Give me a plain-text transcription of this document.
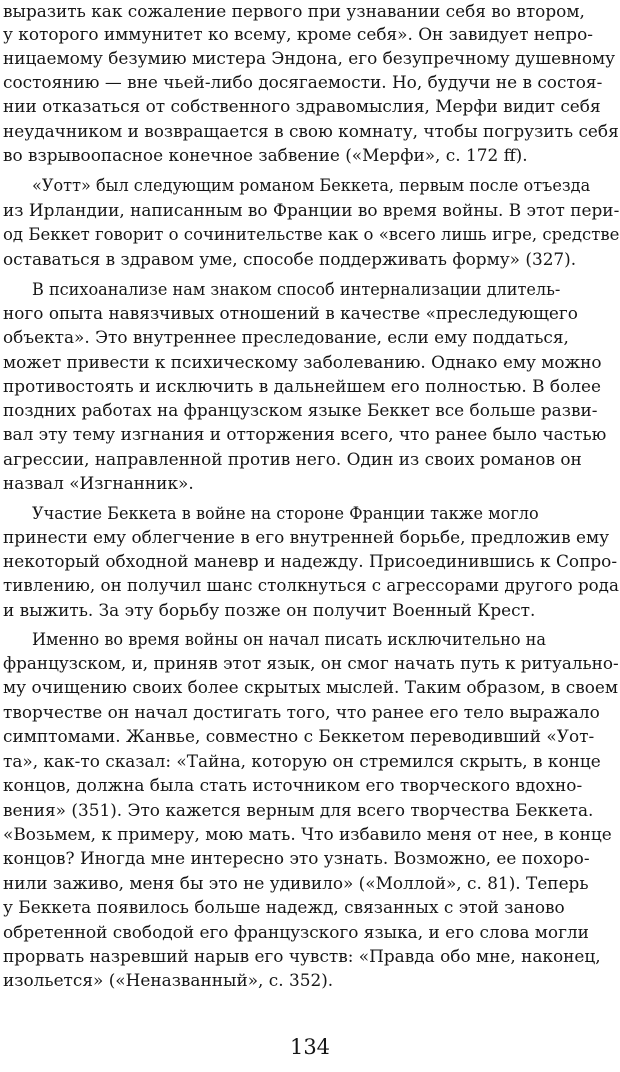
выразить как сожаление первого при узнавании себя во втором,
у которого иммунитет ко всему, кроме себя». Он завидует непро-
ницаемому безумию мистера Эндона, его безупречному душевному
состоянию — вне чьей-либо досягаемости. Но, будучи не в состоя-
нии отказаться от собственного здравомыслия, Мерфи видит себя
неудачником и возвращается в свою комнату, чтобы погрузить себя
во взрывоопасное конечное забвение («Мерфи», с. 172 ff).
«Уотт» был следующим романом Беккета, первым после отъезда
из Ирландии, написанным во Франции во время войны. В этот пери-
од Беккет говорит о сочинительстве как о «всего лишь игре, средстве
оставаться в здравом уме, способе поддерживать форму» (327).
В психоанализе нам знаком способ интернализации длитель-
ного опыта навязчивых отношений в качестве «преследующего
объекта». Это внутреннее преследование, если ему поддаться,
может привести к психическому заболеванию. Однако ему можно
противостоять и исключить в дальнейшем его полностью. В более
поздних работах на французском языке Беккет все больше разви-
вал эту тему изгнания и отторжения всего, что ранее было частью
агрессии, направленной против него. Один из своих романов он
назвал «Изгнанник».
Участие Беккета в войне на стороне Франции также могло
принести ему облегчение в его внутренней борьбе, предложив ему
некоторый обходной маневр и надежду. Присоединившись к Сопро-
тивлению, он получил шанс столкнуться с агрессорами другого рода
и выжить. За эту борьбу позже он получит Военный Крест.
Именно во время войны он начал писать исключительно на
французском, и, приняв этот язык, он смог начать путь к ритуально-
му очищению своих более скрытых мыслей. Таким образом, в своем
творчестве он начал достигать того, что ранее его тело выражало
симптомами. Жанвье, совместно с Беккетом переводивший «Уот-
та», как-то сказал: «Тайна, которую он стремился скрыть, в конце
концов, должна была стать источником его творческого вдохно-
вения» (351). Это кажется верным для всего творчества Беккета.
«Возьмем, к примеру, мою мать. Что избавило меня от нее, в конце
концов? Иногда мне интересно это узнать. Возможно, ее похоро-
нили заживо, меня бы это не удивило» («Моллой», с. 81). Теперь
у Беккета появилось больше надежд, связанных с этой заново
обретенной свободой его французского языка, и его слова могли
прорвать назревший нарыв его чувств: «Правда обо мне, наконец,
изольется» («Неназванный», с. 352).
134
